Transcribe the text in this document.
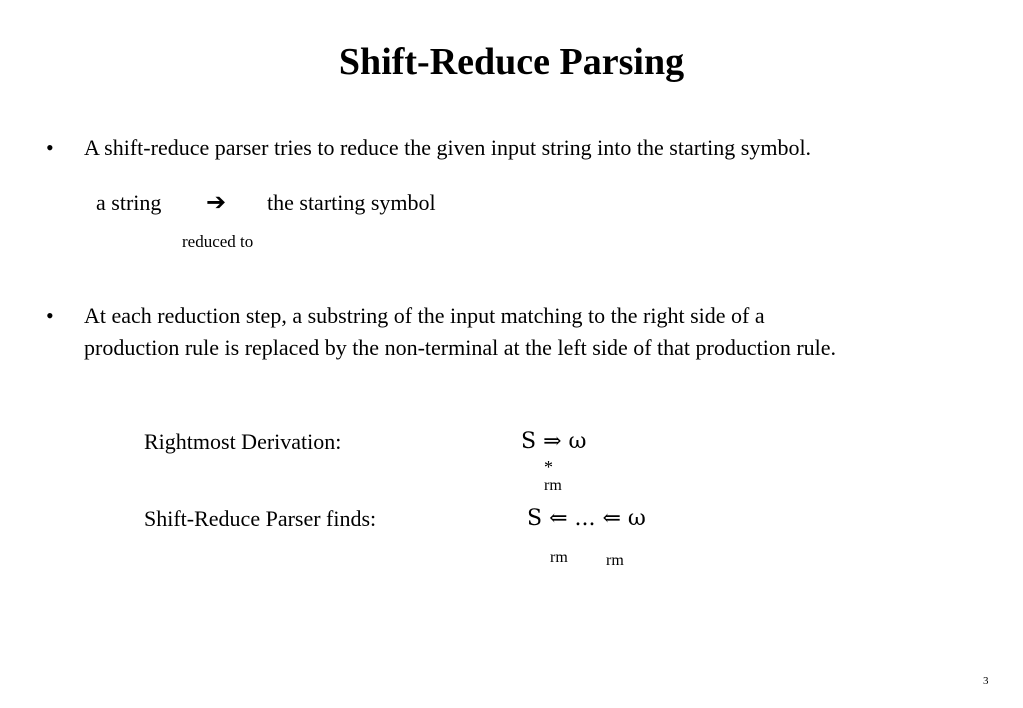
Shift-Reduce Parsing
• A shift-reduce parser tries to reduce the given input string into the starting symbol.
a string ➔ the starting symbol
reduced to
• At each reduction step, a substring of the input matching to the right side of a
production rule is replaced by the non-terminal at the left side of that production rule.
Rightmost Derivation:	S ⇒ ω
*
rm
Shift-Reduce Parser finds:	S ⇐ ... ⇐ ω
rm rm
3
